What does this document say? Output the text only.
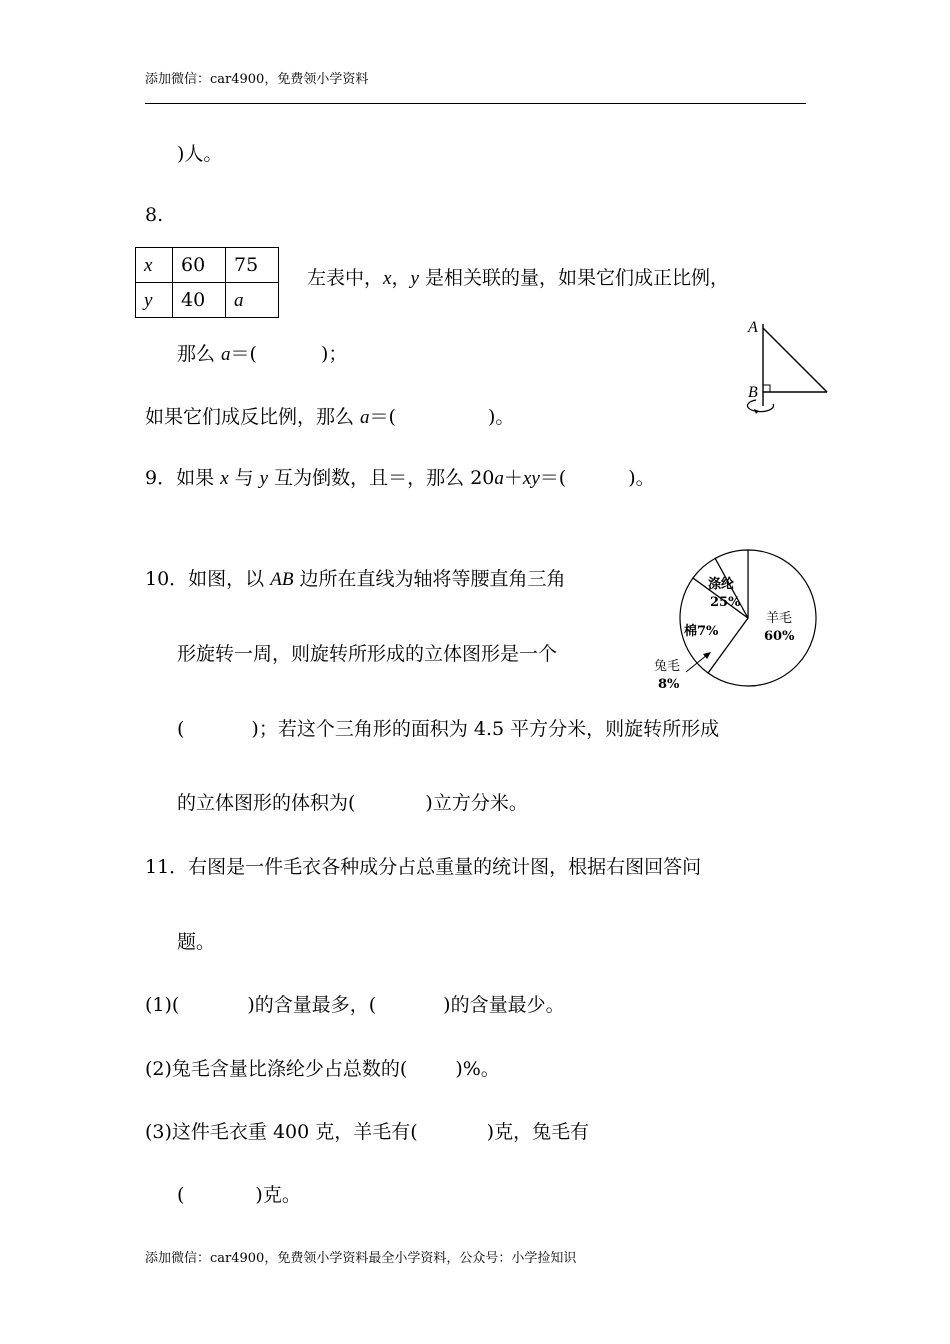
添加微信：car4900，免费领小学资料
添加微信：car4900，免费领小学资料最全小学资料，公众号：小学捡知识
)人。
8.
x	60	75
y	40	a
左表中，x，y 是相关联的量，如果它们成正比例，
那么 a＝(	)；
如果它们成反比例，那么 a＝(	)。
A
B
9．如果 x 与 y 互为倒数，且＝，那么 20a＋xy＝(	)。
10．如图，以 AB 边所在直线为轴将等腰直角三角
形旋转一周，则旋转所形成的立体图形是一个
(	)；若这个三角形的面积为 4.5 平方分米，则旋转所形成
的立体图形的体积为(	)立方分米。
涤纶
25%
羊毛
60%
棉7%
兔毛
8%
11．右图是一件毛衣各种成分占总重量的统计图，根据右图回答问
题。
(1)(	)的含量最多，(	)的含量最少。
(2)兔毛含量比涤纶少占总数的(	)%。
(3)这件毛衣重 400 克，羊毛有(	)克，兔毛有
(	)克。
